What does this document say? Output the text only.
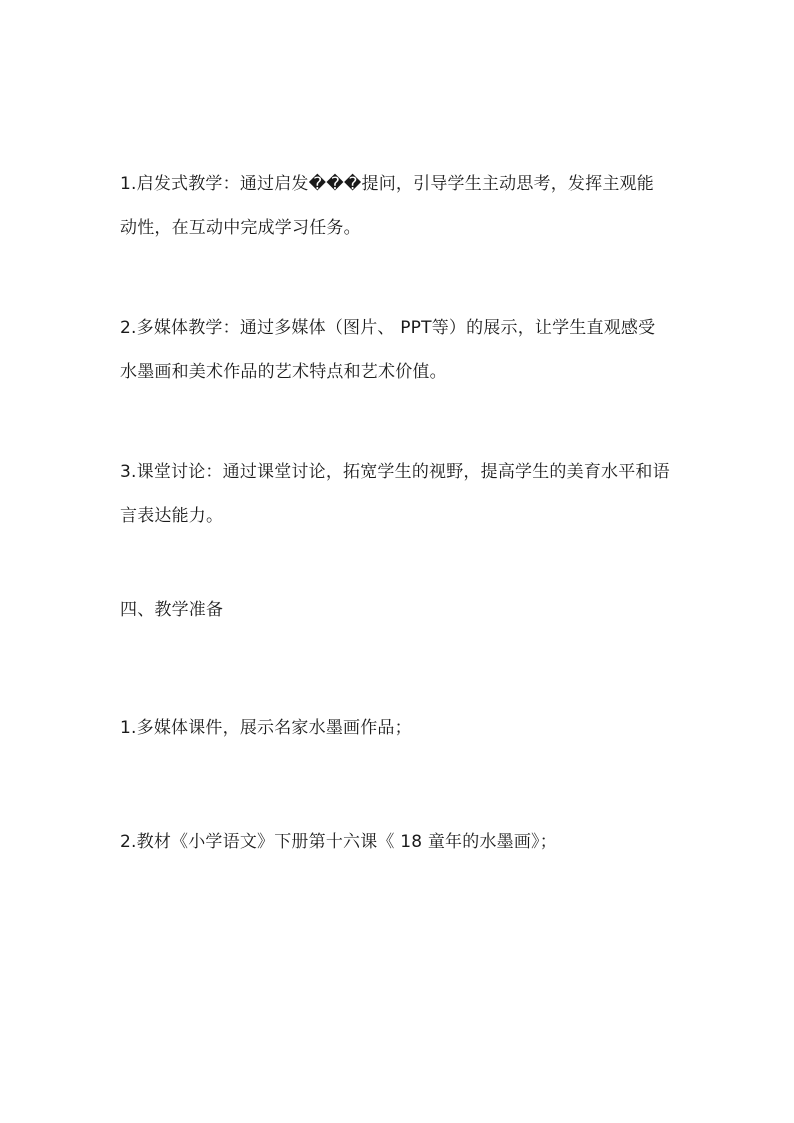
1.启发式教学：通过启发���提问，引导学生主动思考，发挥主观能动性，在互动中完成学习任务。

2.多媒体教学：通过多媒体（图片、 PPT等）的展示，让学生直观感受水墨画和美术作品的艺术特点和艺术价值。

3.课堂讨论：通过课堂讨论，拓宽学生的视野，提高学生的美育水平和语言表达能力。

四、教学准备

1.多媒体课件，展示名家水墨画作品；

2.教材《小学语文》下册第十六课《 18 童年的水墨画》；
